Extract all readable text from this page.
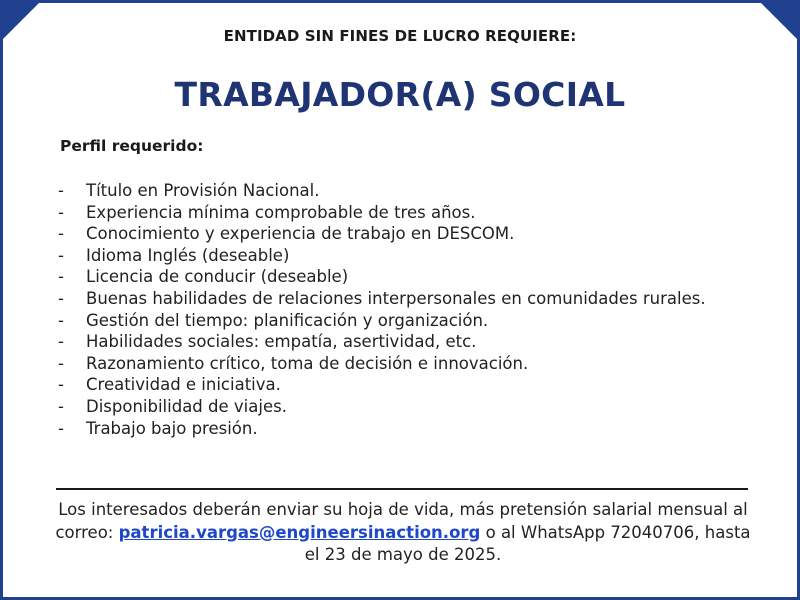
ENTIDAD SIN FINES DE LUCRO REQUIERE:
TRABAJADOR(A) SOCIAL
Perfil requerido:
-	Título en Provisión Nacional.
-	Experiencia mínima comprobable de tres años.
-	Conocimiento y experiencia de trabajo en DESCOM.
-	Idioma Inglés (deseable)
-	Licencia de conducir (deseable)
-	Buenas habilidades de relaciones interpersonales en comunidades rurales.
-	Gestión del tiempo: planificación y organización.
-	Habilidades sociales: empatía, asertividad, etc.
-	Razonamiento crítico, toma de decisión e innovación.
-	Creatividad e iniciativa.
-	Disponibilidad de viajes.
-	Trabajo bajo presión.
Los interesados deberán enviar su hoja de vida, más pretensión salarial mensual al correo: patricia.vargas@engineersinaction.org o al WhatsApp 72040706, hasta el 23 de mayo de 2025.
